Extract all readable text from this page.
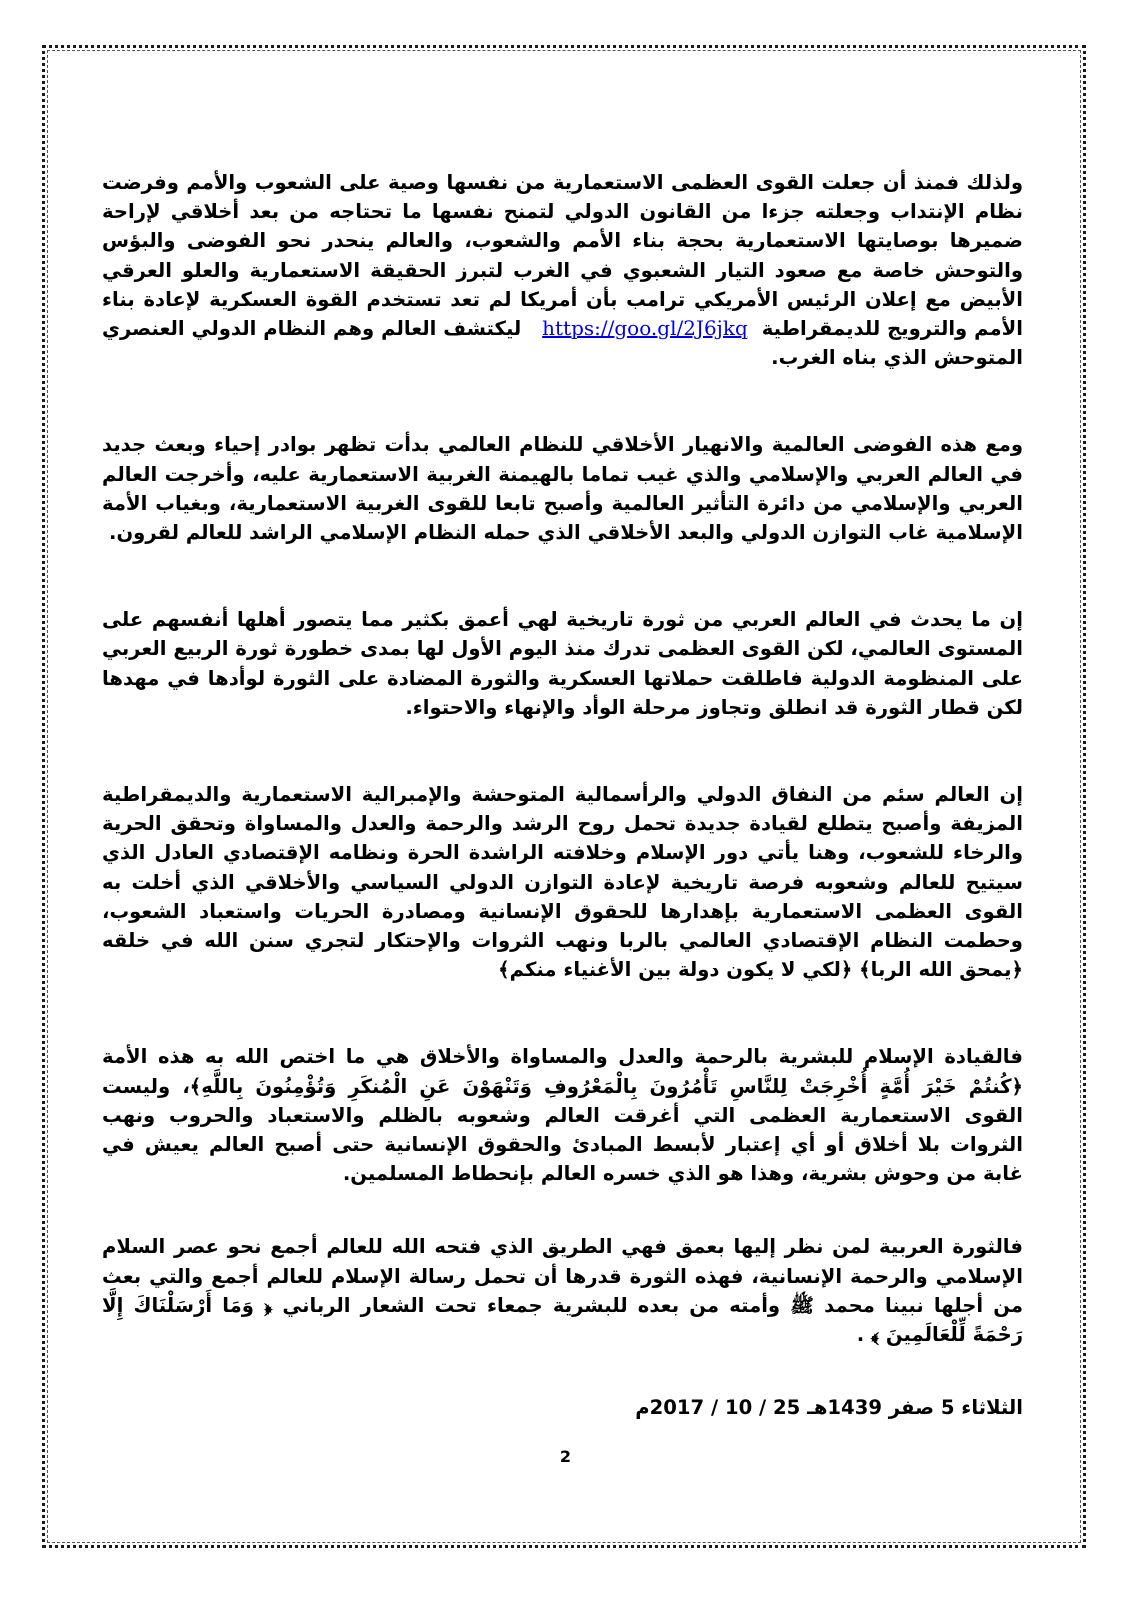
ولذلك فمنذ أن جعلت القوى العظمى الاستعمارية من نفسها وصية على الشعوب والأمم وفرضت نظام الإنتداب وجعلته جزءا من القانون الدولي لتمنح نفسها ما تحتاجه من بعد أخلاقي لإراحة ضميرها بوصايتها الاستعمارية بحجة بناء الأمم والشعوب، والعالم ينحدر نحو الفوضى والبؤس والتوحش خاصة مع صعود التيار الشعبوي في الغرب لتبرز الحقيقة الاستعمارية والعلو العرقي الأبيض مع إعلان الرئيس الأمريكي ترامب بأن أمريكا لم تعد تستخدم القوة العسكرية لإعادة بناء الأمم والترويج للديمقراطية  https://goo.gl/2J6jkq   ليكتشف العالم وهم النظام الدولي العنصري المتوحش الذي بناه الغرب.

ومع هذه الفوضى العالمية والانهيار الأخلاقي للنظام العالمي بدأت تظهر بوادر إحياء وبعث جديد في العالم العربي والإسلامي والذي غيب تماما بالهيمنة الغربية الاستعمارية عليه، وأخرجت العالم العربي والإسلامي من دائرة التأثير العالمية وأصبح تابعا للقوى الغربية الاستعمارية، وبغياب الأمة الإسلامية غاب التوازن الدولي والبعد الأخلاقي الذي حمله النظام الإسلامي الراشد للعالم لقرون.

إن ما يحدث في العالم العربي من ثورة تاريخية لهي أعمق بكثير مما يتصور أهلها أنفسهم على المستوى العالمي، لكن القوى العظمى تدرك منذ اليوم الأول لها بمدى خطورة ثورة الربيع العربي على المنظومة الدولية فاطلقت حملاتها العسكرية والثورة المضادة على الثورة لوأدها في مهدها لكن قطار الثورة قد انطلق وتجاوز مرحلة الوأد والإنهاء والاحتواء.

إن العالم سئم من النفاق الدولي والرأسمالية المتوحشة والإمبرالية الاستعمارية والديمقراطية المزيفة وأصبح يتطلع لقيادة جديدة تحمل روح الرشد والرحمة والعدل والمساواة وتحقق الحرية والرخاء للشعوب، وهنا يأتي دور الإسلام وخلافته الراشدة الحرة ونظامه الإقتصادي العادل الذي سيتيح للعالم وشعوبه فرصة تاريخية لإعادة التوازن الدولي السياسي والأخلاقي الذي أخلت به القوى العظمى الاستعمارية بإهدارها للحقوق الإنسانية ومصادرة الحريات واستعباد الشعوب، وحطمت النظام الإقتصادي العالمي بالربا ونهب الثروات والإحتكار لتجري سنن الله في خلقه ﴿يمحق الله الربا﴾ ﴿لكي لا يكون دولة بين الأغنياء منكم﴾

فالقيادة الإسلام للبشرية بالرحمة والعدل والمساواة والأخلاق هي ما اختص الله به هذه الأمة ﴿كُنتُمْ خَيْرَ أُمَّةٍ أُخْرِجَتْ لِلنَّاسِ تَأْمُرُونَ بِالْمَعْرُوفِ وَتَنْهَوْنَ عَنِ الْمُنكَرِ وَتُؤْمِنُونَ بِاللَّهِ﴾، وليست القوى الاستعمارية العظمى التي أغرقت العالم وشعوبه بالظلم والاستعباد والحروب ونهب الثروات بلا أخلاق أو أي إعتبار لأبسط المبادئ والحقوق الإنسانية حتى أصبح العالم يعيش في غابة من وحوش بشرية، وهذا هو الذي خسره العالم بإنحطاط المسلمين.

فالثورة العربية لمن نظر إليها بعمق فهي الطريق الذي فتحه الله للعالم أجمع نحو عصر السلام الإسلامي والرحمة الإنسانية، فهذه الثورة قدرها أن تحمل رسالة الإسلام للعالم أجمع والتي بعث من أجلها نبينا محمد ﷺ وأمته من بعده للبشرية جمعاء تحت الشعار الرباني ﴿ وَمَا أَرْسَلْنَاكَ إِلَّا رَحْمَةً لِّلْعَالَمِينَ ﴾ .

الثلاثاء 5 صفر 1439هـ 25 / 10 / 2017م

2
